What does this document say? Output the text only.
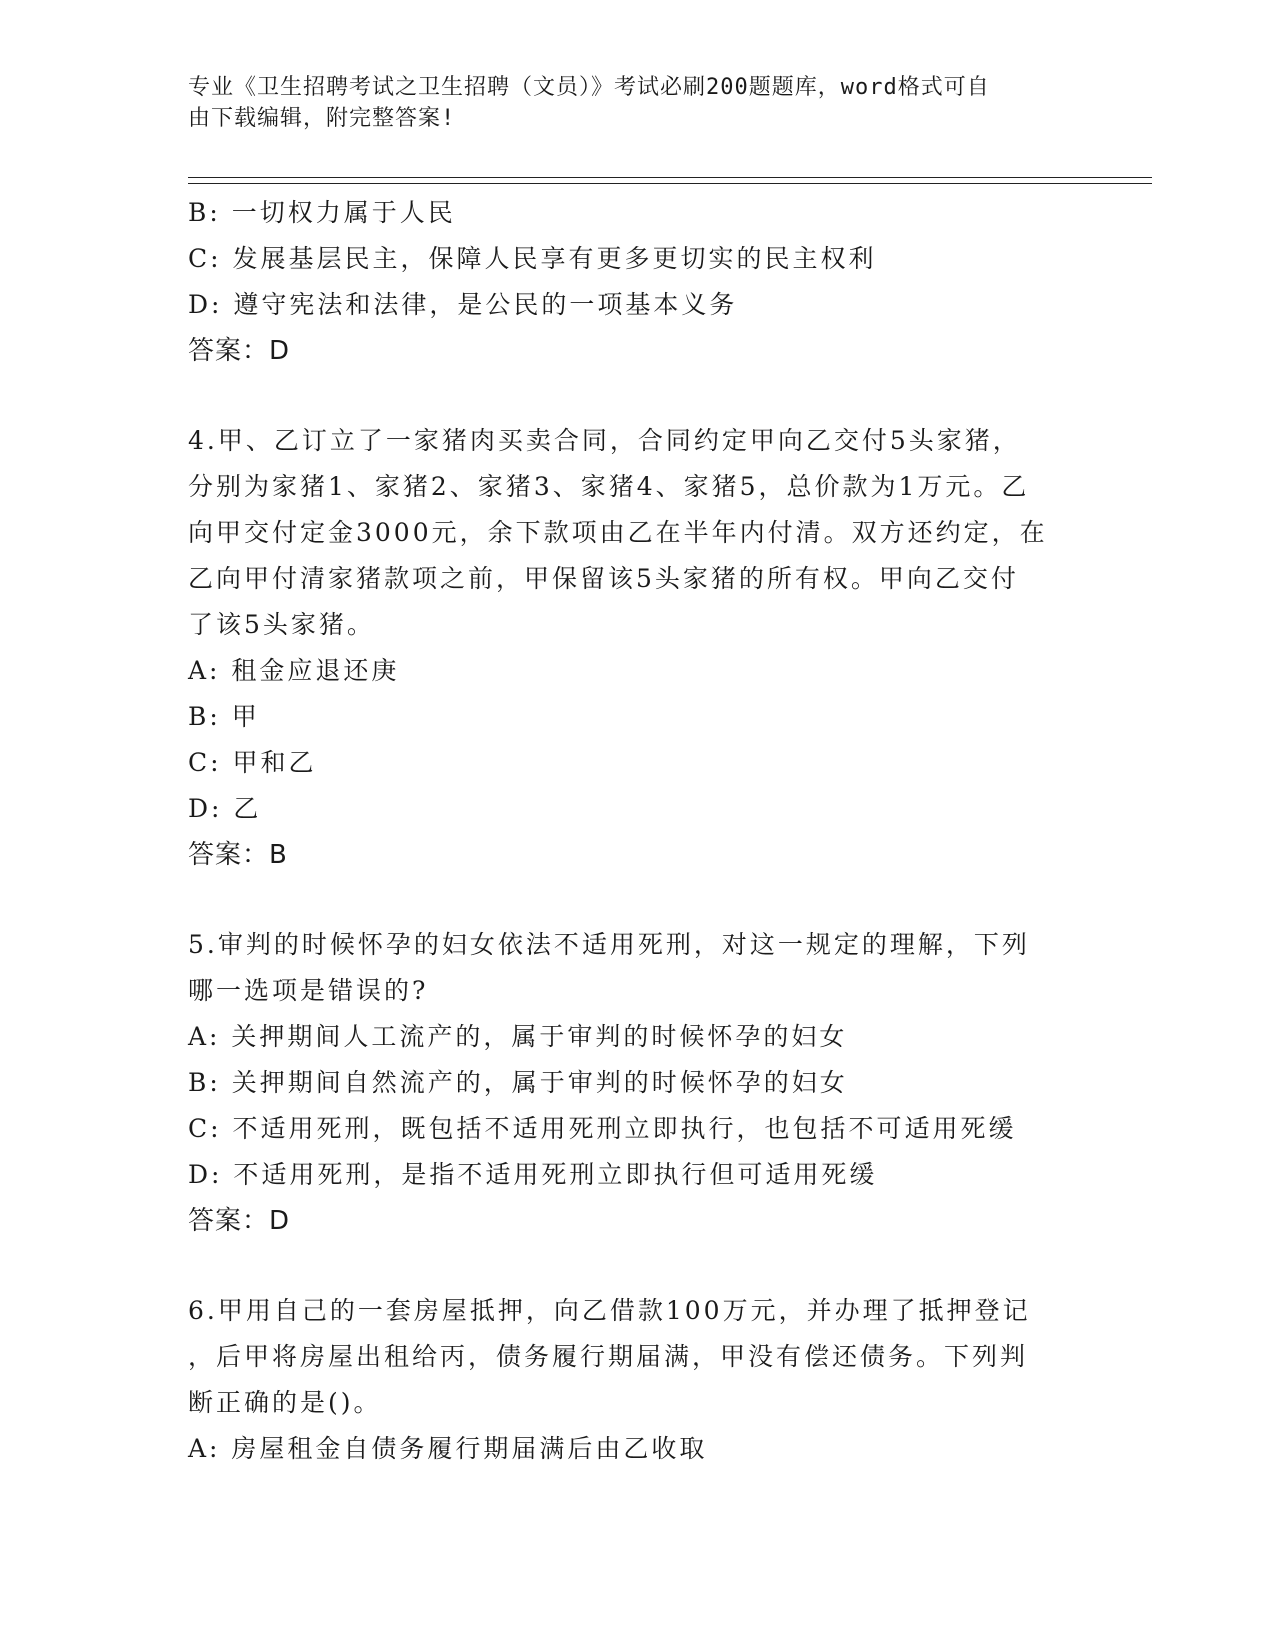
专业《卫生招聘考试之卫生招聘（文员）》考试必刷200题题库，word格式可自
由下载编辑，附完整答案!
B: 一切权力属于人民
C: 发展基层民主，保障人民享有更多更切实的民主权利
D: 遵守宪法和法律，是公民的一项基本义务
答案：D
4.甲、乙订立了一家猪肉买卖合同，合同约定甲向乙交付5头家猪，
分别为家猪1、家猪2、家猪3、家猪4、家猪5，总价款为1万元。乙
向甲交付定金3000元，余下款项由乙在半年内付清。双方还约定，在
乙向甲付清家猪款项之前，甲保留该5头家猪的所有权。甲向乙交付
了该5头家猪。
A: 租金应退还庚
B: 甲
C: 甲和乙
D: 乙
答案：B
5.审判的时候怀孕的妇女依法不适用死刑，对这一规定的理解，下列
哪一选项是错误的?
A: 关押期间人工流产的，属于审判的时候怀孕的妇女
B: 关押期间自然流产的，属于审判的时候怀孕的妇女
C: 不适用死刑，既包括不适用死刑立即执行，也包括不可适用死缓
D: 不适用死刑，是指不适用死刑立即执行但可适用死缓
答案：D
6.甲用自己的一套房屋抵押，向乙借款100万元，并办理了抵押登记
，后甲将房屋出租给丙，债务履行期届满，甲没有偿还债务。下列判
断正确的是()。
A: 房屋租金自债务履行期届满后由乙收取
